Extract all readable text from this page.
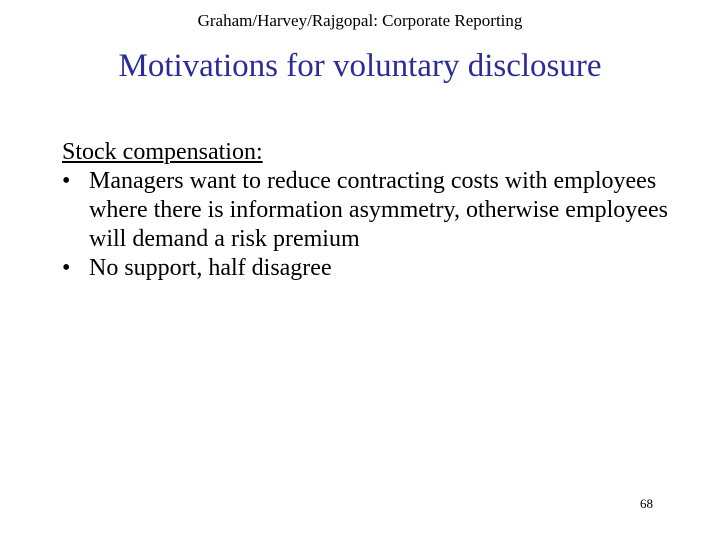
Graham/Harvey/Rajgopal: Corporate Reporting
Motivations for voluntary disclosure
Stock compensation:
• Managers want to reduce contracting costs with employees where there is information asymmetry, otherwise employees will demand a risk premium
• No support, half disagree
68
